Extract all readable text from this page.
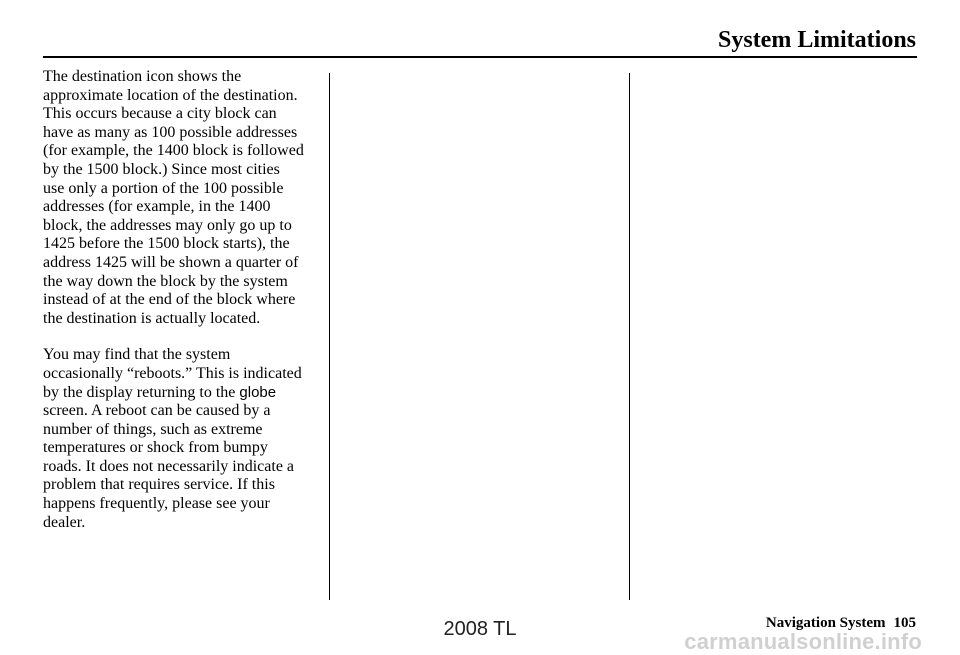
System Limitations

The destination icon shows the
approximate location of the destination.
This occurs because a city block can
have as many as 100 possible addresses
(for example, the 1400 block is followed
by the 1500 block.) Since most cities
use only a portion of the 100 possible
addresses (for example, in the 1400
block, the addresses may only go up to
1425 before the 1500 block starts), the
address 1425 will be shown a quarter of
the way down the block by the system
instead of at the end of the block where
the destination is actually located.

You may find that the system
occasionally “reboots.” This is indicated
by the display returning to the globe
screen. A reboot can be caused by a
number of things, such as extreme
temperatures or shock from bumpy
roads. It does not necessarily indicate a
problem that requires service. If this
happens frequently, please see your
dealer.

Navigation System 105
2008 TL	carmanualsonline.info
